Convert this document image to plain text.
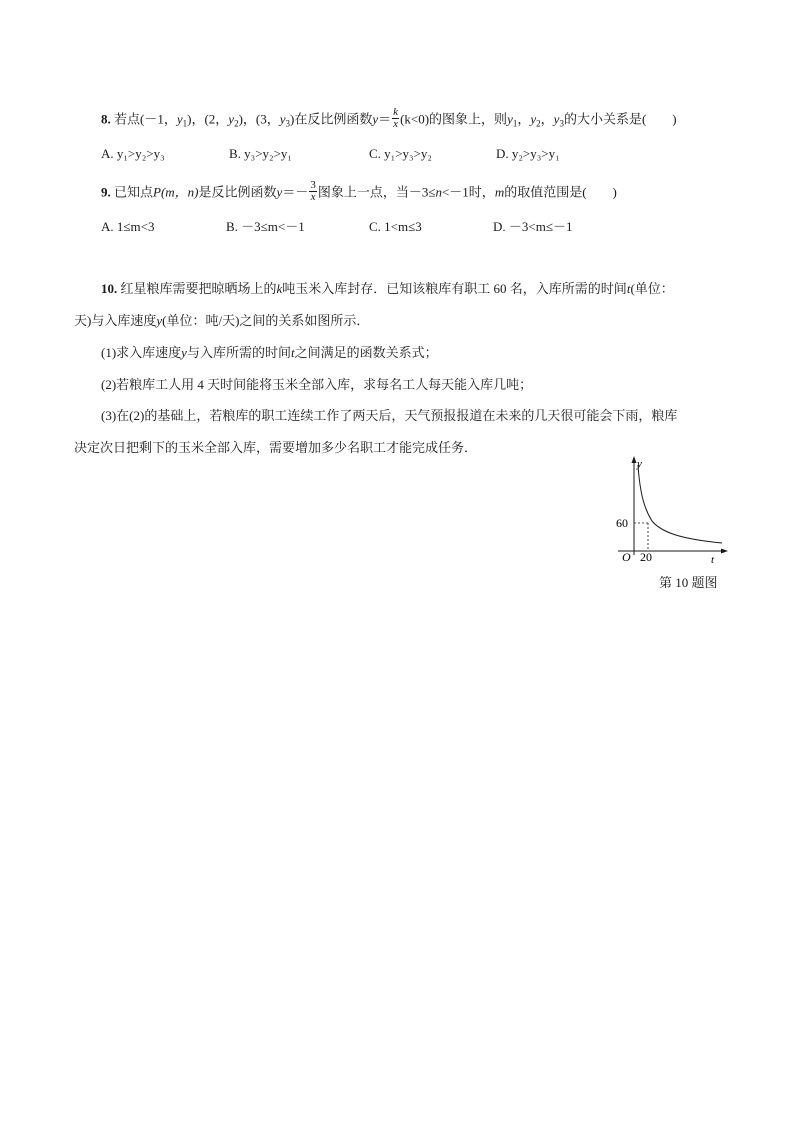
8. 若点(－1，$y_1$)，(2，$y_2$)，(3，$y_3$)在反比例函数$y= \frac{k}{x} (k<0)$的图象上，则$y_1$，$y_2$，$y_3$的大小关系是(　　)
A. y₁>y₂>y₃	B. y₃>y₂>y₁	C. y₁>y₃>y₂	D. y₂>y₃>y₁
9. 已知点P(m，n)是反比例函数$y=- \frac{3}{x}$ 图象上一点，当－3≤n<－1时，m的取值范围是(　　)
A. 1≤m<3	B. －3≤m<－1	C. 1<m≤3	D. －3<m≤－1
10. 红星粮库需要把晾晒场上的k吨玉米入库封存．已知该粮库有职工 60 名，入库所需的时间t(单位：
天)与入库速度y(单位：吨/天)之间的关系如图所示．
(1)求入库速度y与入库所需的时间t之间满足的函数关系式；
(2)若粮库工人用 4 天时间能将玉米全部入库，求每名工人每天能入库几吨；
(3)在(2)的基础上，若粮库的职工连续工作了两天后，天气预报报道在未来的几天很可能会下雨，粮库
决定次日把剩下的玉米全部入库，需要增加多少名职工才能完成任务．
y
t
O
60
20
第 10 题图
